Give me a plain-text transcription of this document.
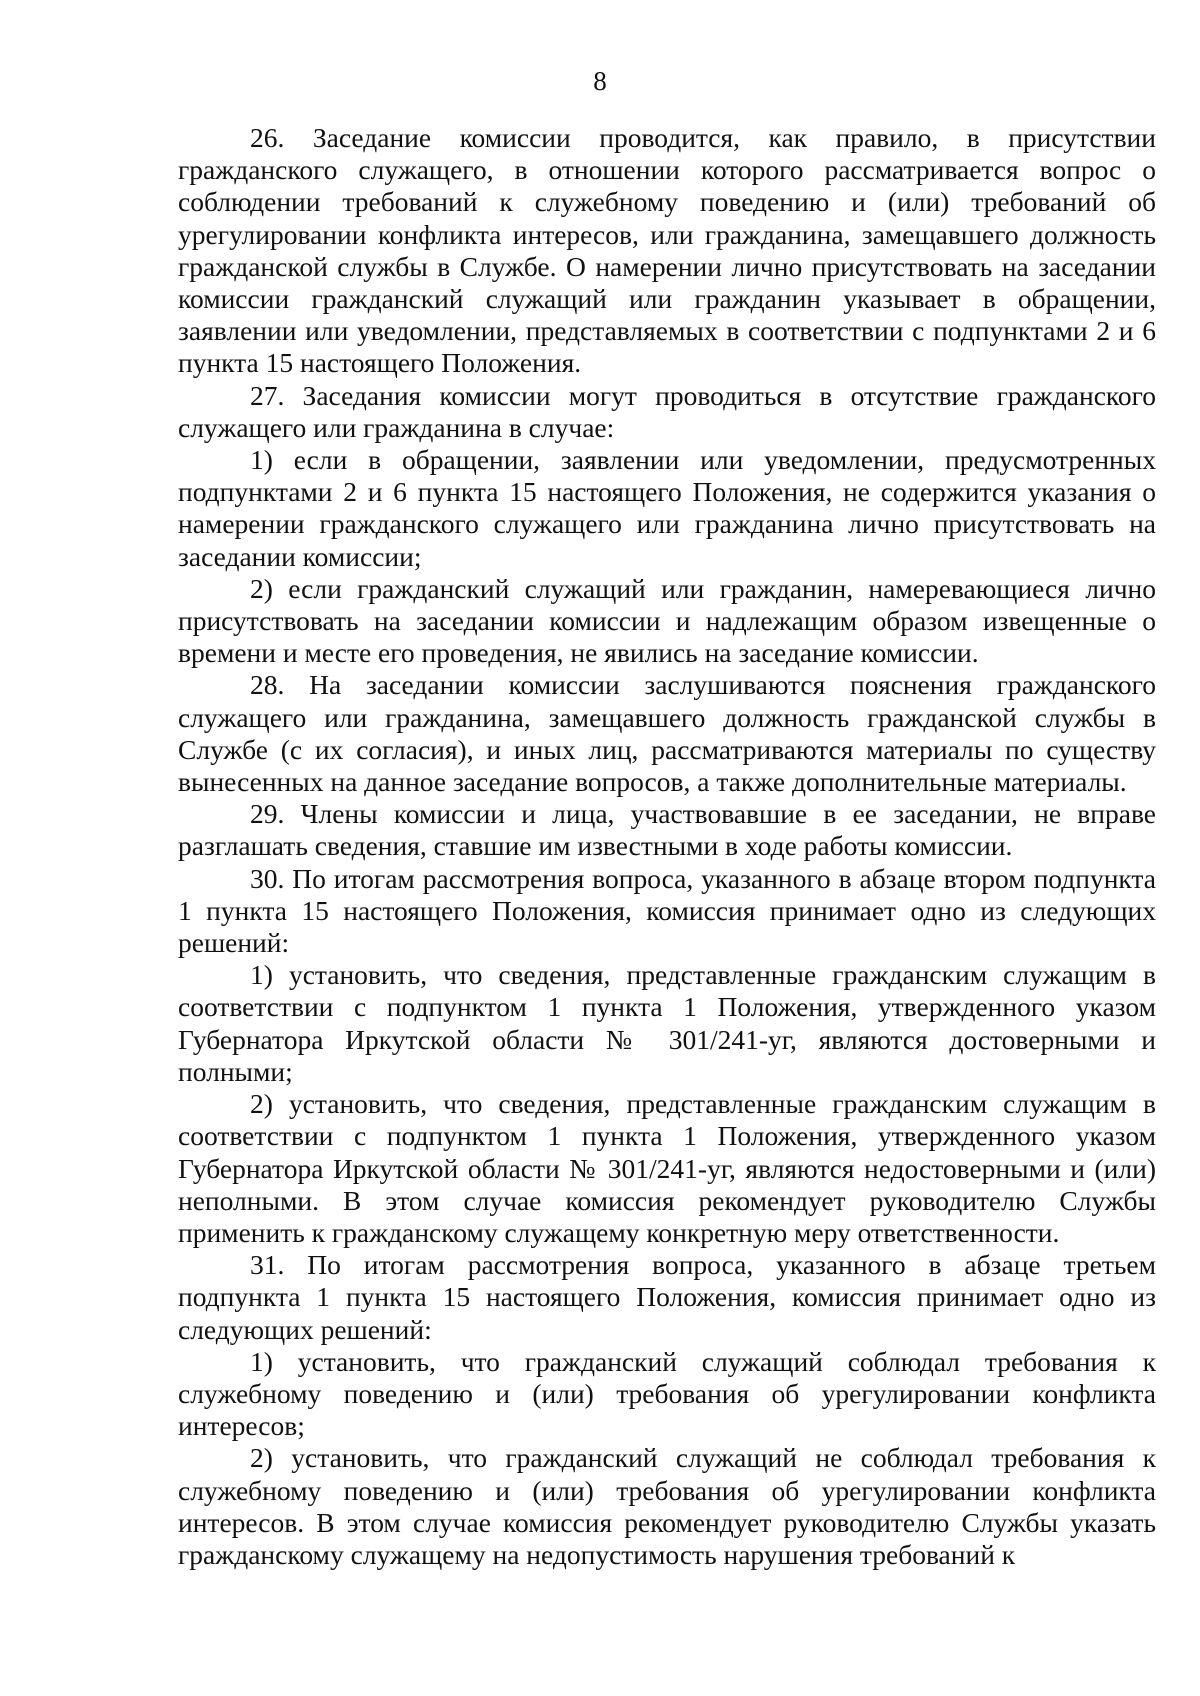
8

26. Заседание комиссии проводится, как правило, в присутствии гражданского служащего, в отношении которого рассматривается вопрос о соблюдении требований к служебному поведению и (или) требований об урегулировании конфликта интересов, или гражданина, замещавшего должность гражданской службы в Службе. О намерении лично присутствовать на заседании комиссии гражданский служащий или гражданин указывает в обращении, заявлении или уведомлении, представляемых в соответствии с подпунктами 2 и 6 пункта 15 настоящего Положения.

27. Заседания комиссии могут проводиться в отсутствие гражданского служащего или гражданина в случае:

1) если в обращении, заявлении или уведомлении, предусмотренных подпунктами 2 и 6 пункта 15 настоящего Положения, не содержится указания о намерении гражданского служащего или гражданина лично присутствовать на заседании комиссии;

2) если гражданский служащий или гражданин, намеревающиеся лично присутствовать на заседании комиссии и надлежащим образом извещенные о времени и месте его проведения, не явились на заседание комиссии.

28. На заседании комиссии заслушиваются пояснения гражданского служащего или гражданина, замещавшего должность гражданской службы в Службе (с их согласия), и иных лиц, рассматриваются материалы по существу вынесенных на данное заседание вопросов, а также дополнительные материалы.

29. Члены комиссии и лица, участвовавшие в ее заседании, не вправе разглашать сведения, ставшие им известными в ходе работы комиссии.

30. По итогам рассмотрения вопроса, указанного в абзаце втором подпункта 1 пункта 15 настоящего Положения, комиссия принимает одно из следующих решений:

1) установить, что сведения, представленные гражданским служащим в соответствии с подпунктом 1 пункта 1 Положения, утвержденного указом Губернатора Иркутской области № 301/241-уг, являются достоверными и полными;

2) установить, что сведения, представленные гражданским служащим в соответствии с подпунктом 1 пункта 1 Положения, утвержденного указом Губернатора Иркутской области № 301/241-уг, являются недостоверными и (или) неполными. В этом случае комиссия рекомендует руководителю Службы применить к гражданскому служащему конкретную меру ответственности.

31. По итогам рассмотрения вопроса, указанного в абзаце третьем подпункта 1 пункта 15 настоящего Положения, комиссия принимает одно из следующих решений:

1) установить, что гражданский служащий соблюдал требования к служебному поведению и (или) требования об урегулировании конфликта интересов;

2) установить, что гражданский служащий не соблюдал требования к служебному поведению и (или) требования об урегулировании конфликта интересов. В этом случае комиссия рекомендует руководителю Службы указать гражданскому служащему на недопустимость нарушения требований к
